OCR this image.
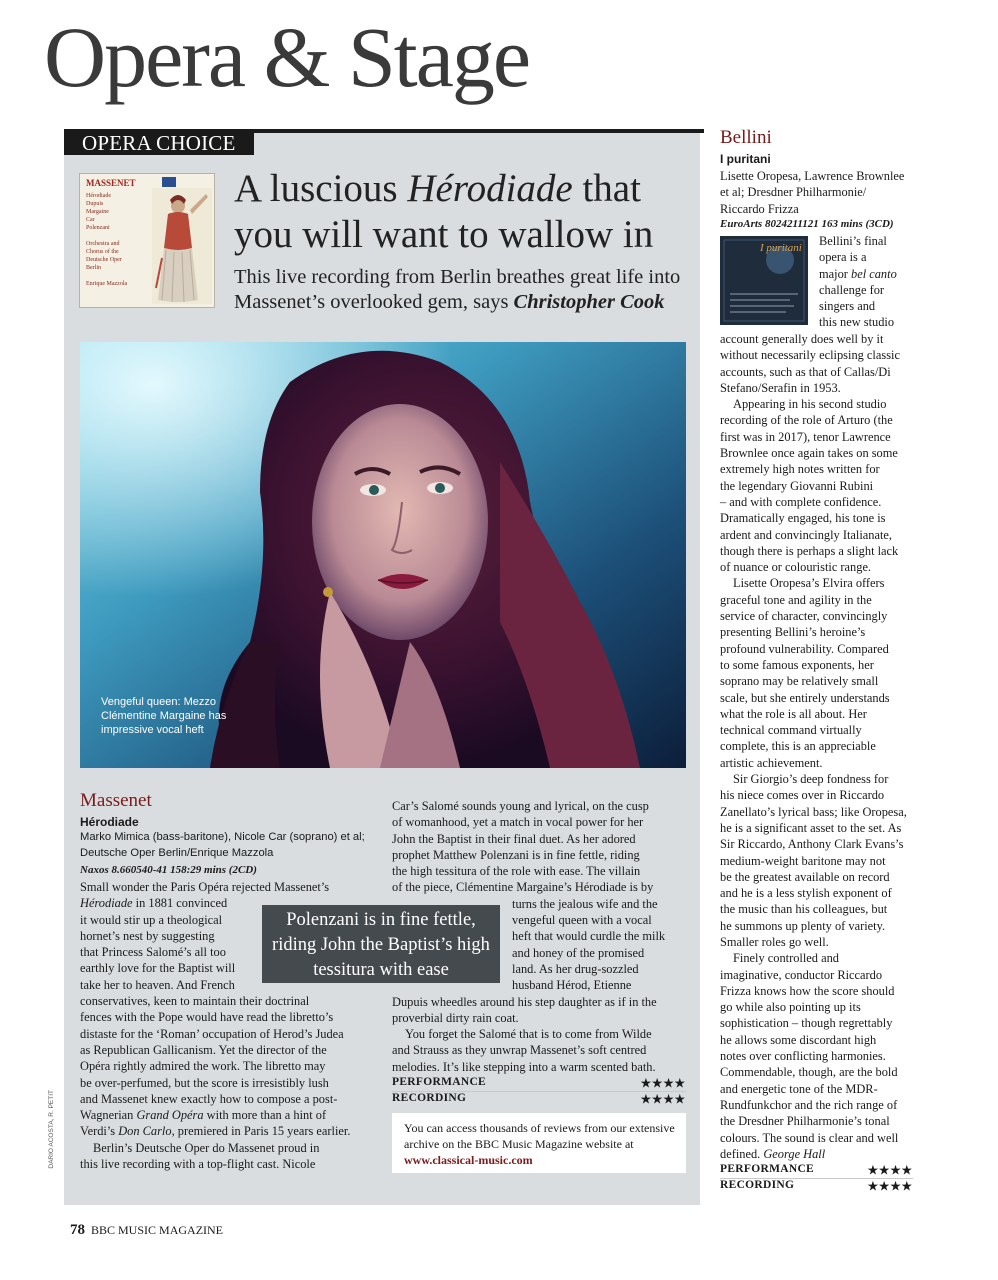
Opera & Stage
OPERA CHOICE
MASSENET
Hérodiade
Dupuis
Margaine
Car
Polenzani

Orchestra and
Chorus of the
Deutsche Oper
Berlin

Enrique Mazzola
A luscious Hérodiade that you will want to wallow in
This live recording from Berlin breathes great life into Massenet’s overlooked gem, says Christopher Cook
Vengeful queen: Mezzo Clémentine Margaine has impressive vocal heft
Massenet
Hérodiade
Marko Mimica (bass-baritone), Nicole Car (soprano) et al; Deutsche Oper Berlin/Enrique Mazzola
Naxos 8.660540-41 158:29 mins (2CD)
Small wonder the Paris Opéra rejected Massenet’s
Hérodiade in 1881 convinced
it would stir up a theological
hornet’s nest by suggesting
that Princess Salomé’s all too
earthly love for the Baptist will
take her to heaven. And French
conservatives, keen to maintain their doctrinal
fences with the Pope would have read the libretto’s
distaste for the ‘Roman’ occupation of Herod’s Judea
as Republican Gallicanism. Yet the director of the
Opéra rightly admired the work. The libretto may
be over-perfumed, but the score is irresistibly lush
and Massenet knew exactly how to compose a post-
Wagnerian Grand Opéra with more than a hint of
Verdi’s Don Carlo, premiered in Paris 15 years earlier.
Berlin’s Deutsche Oper do Massenet proud in
this live recording with a top-flight cast. Nicole
Car’s Salomé sounds young and lyrical, on the cusp
of womanhood, yet a match in vocal power for her
John the Baptist in their final duet. As her adored
prophet Matthew Polenzani is in fine fettle, riding
the high tessitura of the role with ease. The villain
of the piece, Clémentine Margaine’s Hérodiade is by
turns the jealous wife and the
vengeful queen with a vocal
heft that would curdle the milk
and honey of the promised
land. As her drug-sozzled
husband Hérod, Etienne
Dupuis wheedles around his step daughter as if in the
proverbial dirty rain coat.
You forget the Salomé that is to come from Wilde
and Strauss as they unwrap Massenet’s soft centred
melodies. It’s like stepping into a warm scented bath.
Polenzani is in fine fettle, riding John the Baptist’s high tessitura with ease
PERFORMANCE	★★★★
RECORDING	★★★★
You can access thousands of reviews from our extensive archive on the BBC Music Magazine website at www.classical-music.com
Bellini
I puritani
Lisette Oropesa, Lawrence Brownlee
et al; Dresdner Philharmonie/
Riccardo Frizza
EuroArts 8024211121 163 mins (3CD)
I puritani Bellini’s final
opera is a
major bel canto
challenge for
singers and
this new studio
account generally does well by it
without necessarily eclipsing classic
accounts, such as that of Callas/Di
Stefano/Serafin in 1953.
Appearing in his second studio
recording of the role of Arturo (the
first was in 2017), tenor Lawrence
Brownlee once again takes on some
extremely high notes written for
the legendary Giovanni Rubini
– and with complete confidence.
Dramatically engaged, his tone is
ardent and convincingly Italianate,
though there is perhaps a slight lack
of nuance or colouristic range.
Lisette Oropesa’s Elvira offers
graceful tone and agility in the
service of character, convincingly
presenting Bellini’s heroine’s
profound vulnerability. Compared
to some famous exponents, her
soprano may be relatively small
scale, but she entirely understands
what the role is all about. Her
technical command virtually
complete, this is an appreciable
artistic achievement.
Sir Giorgio’s deep fondness for
his niece comes over in Riccardo
Zanellato’s lyrical bass; like Oropesa,
he is a significant asset to the set. As
Sir Riccardo, Anthony Clark Evans’s
medium-weight baritone may not
be the greatest available on record
and he is a less stylish exponent of
the music than his colleagues, but
he summons up plenty of variety.
Smaller roles go well.
Finely controlled and
imaginative, conductor Riccardo
Frizza knows how the score should
go while also pointing up its
sophistication – though regrettably
he allows some discordant high
notes over conflicting harmonies.
Commendable, though, are the bold
and energetic tone of the MDR-
Rundfunkchor and the rich range of
the Dresdner Philharmonie’s tonal
colours. The sound is clear and well
defined. George Hall
PERFORMANCE	★★★★
RECORDING	★★★★
DARIO ACOSTA, R. PETIT
78 BBC MUSIC MAGAZINE
